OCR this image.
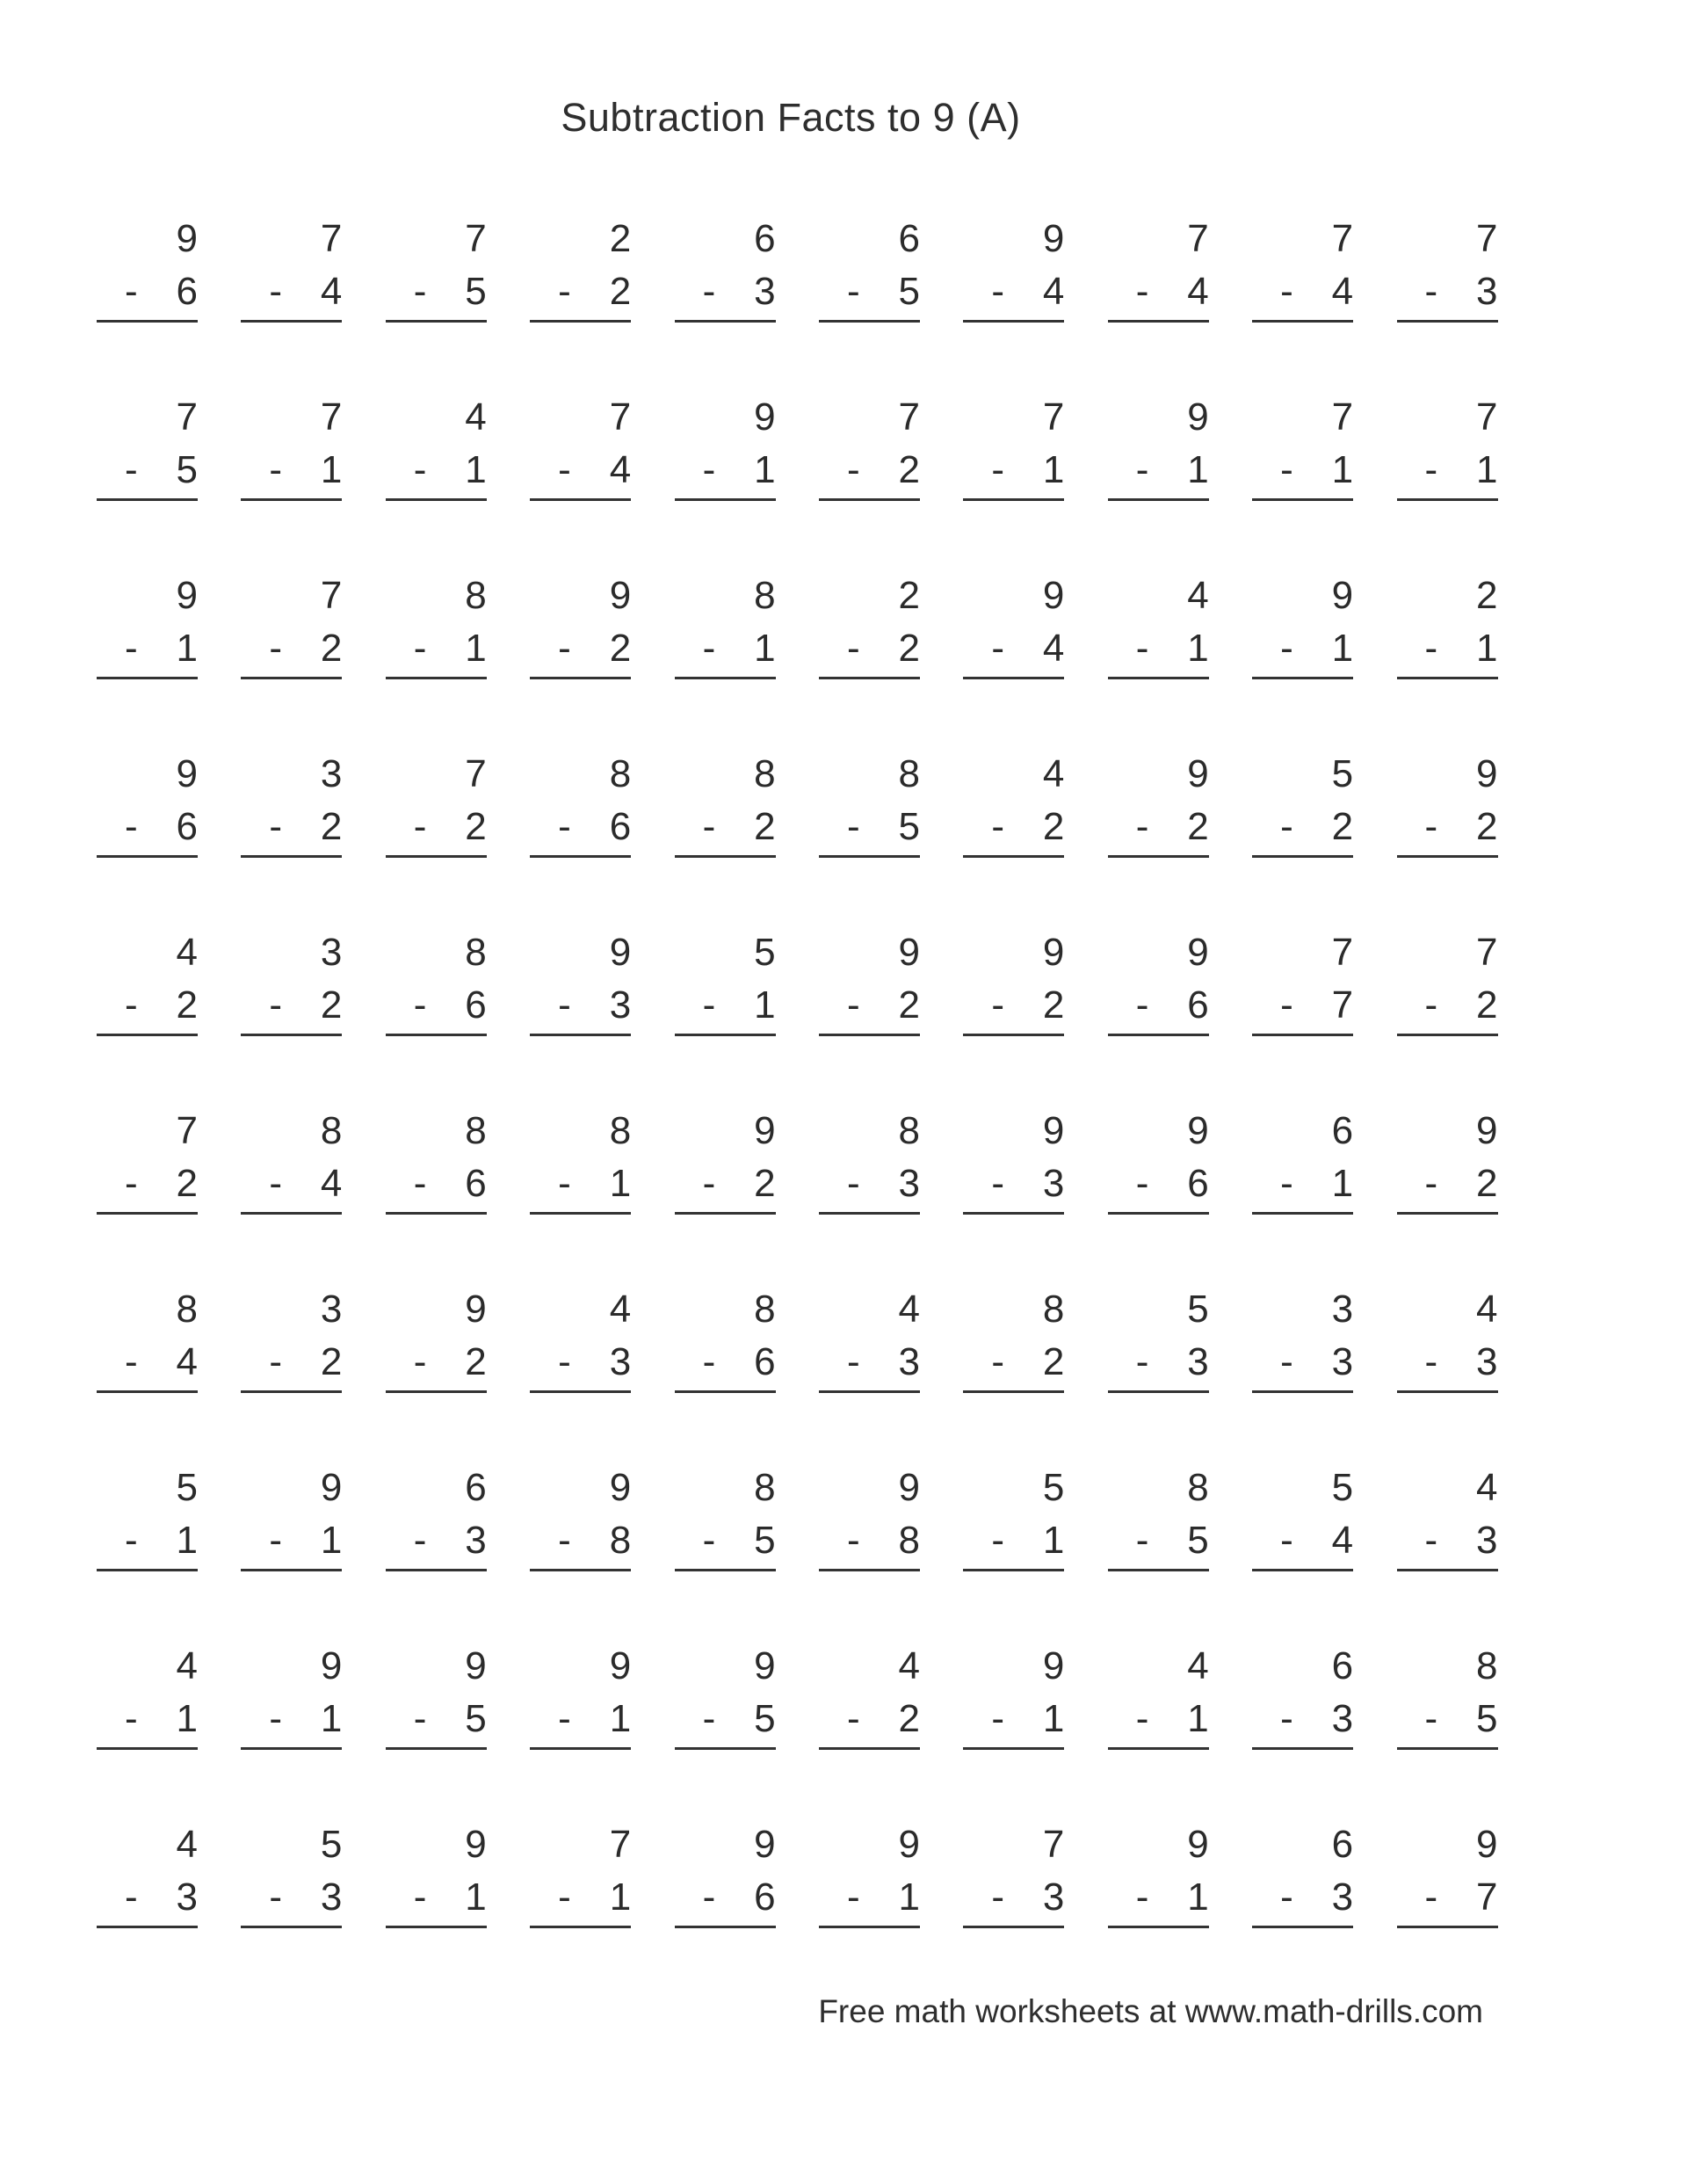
Subtraction Facts to 9 (A)
9
- 6
7
- 4
7
- 5
2
- 2
6
- 3
6
- 5
9
- 4
7
- 4
7
- 4
7
- 3
7
- 5
7
- 1
4
- 1
7
- 4
9
- 1
7
- 2
7
- 1
9
- 1
7
- 1
7
- 1
9
- 1
7
- 2
8
- 1
9
- 2
8
- 1
2
- 2
9
- 4
4
- 1
9
- 1
2
- 1
9
- 6
3
- 2
7
- 2
8
- 6
8
- 2
8
- 5
4
- 2
9
- 2
5
- 2
9
- 2
4
- 2
3
- 2
8
- 6
9
- 3
5
- 1
9
- 2
9
- 2
9
- 6
7
- 7
7
- 2
7
- 2
8
- 4
8
- 6
8
- 1
9
- 2
8
- 3
9
- 3
9
- 6
6
- 1
9
- 2
8
- 4
3
- 2
9
- 2
4
- 3
8
- 6
4
- 3
8
- 2
5
- 3
3
- 3
4
- 3
5
- 1
9
- 1
6
- 3
9
- 8
8
- 5
9
- 8
5
- 1
8
- 5
5
- 4
4
- 3
4
- 1
9
- 1
9
- 5
9
- 1
9
- 5
4
- 2
9
- 1
4
- 1
6
- 3
8
- 5
4
- 3
5
- 3
9
- 1
7
- 1
9
- 6
9
- 1
7
- 3
9
- 1
6
- 3
9
- 7
Free math worksheets at www.math-drills.com
